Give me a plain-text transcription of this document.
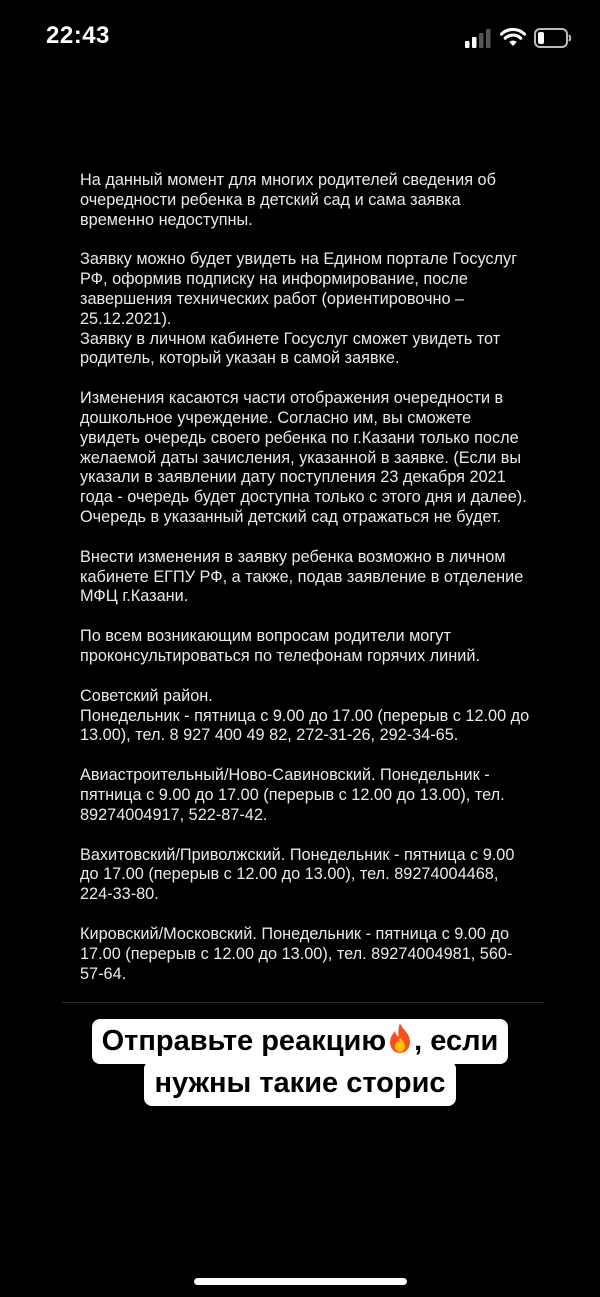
22:43

На данный момент для многих родителей сведения об очередности ребенка в детский сад и сама заявка временно недоступны.

Заявку можно будет увидеть на Едином портале Госуслуг РФ, оформив подписку на информирование, после завершения технических работ (ориентировочно – 25.12.2021).

Заявку в личном кабинете Госуслуг сможет увидеть тот родитель, который указан в самой заявке.

Изменения касаются части отображения очередности в дошкольное учреждение. Согласно им, вы сможете увидеть очередь своего ребенка по г.Казани только после желаемой даты зачисления, указанной в заявке. (Если вы указали в заявлении дату поступления 23 декабря 2021 года - очередь будет доступна только с этого дня и далее). Очередь в указанный детский сад отражаться не будет.

Внести изменения в заявку ребенка возможно в личном кабинете ЕГПУ РФ, а также, подав заявление в отделение МФЦ г.Казани.

По всем возникающим вопросам родители могут проконсультироваться по телефонам горячих линий.

Советский район.
Понедельник - пятница с 9.00 до 17.00 (перерыв с 12.00 до 13.00), тел. 8 927 400 49 82, 272-31-26, 292-34-65.

Авиастроительный/Ново-Савиновский. Понедельник - пятница с 9.00 до 17.00 (перерыв с 12.00 до 13.00), тел. 89274004917, 522-87-42.

Вахитовский/Приволжский. Понедельник - пятница с 9.00 до 17.00 (перерыв с 12.00 до 13.00), тел. 89274004468, 224-33-80.

Кировский/Московский. Понедельник - пятница с 9.00 до 17.00 (перерыв с 12.00 до 13.00), тел. 89274004981, 560-57-64.

Отправьте реакцию , если
нужны такие сторис
